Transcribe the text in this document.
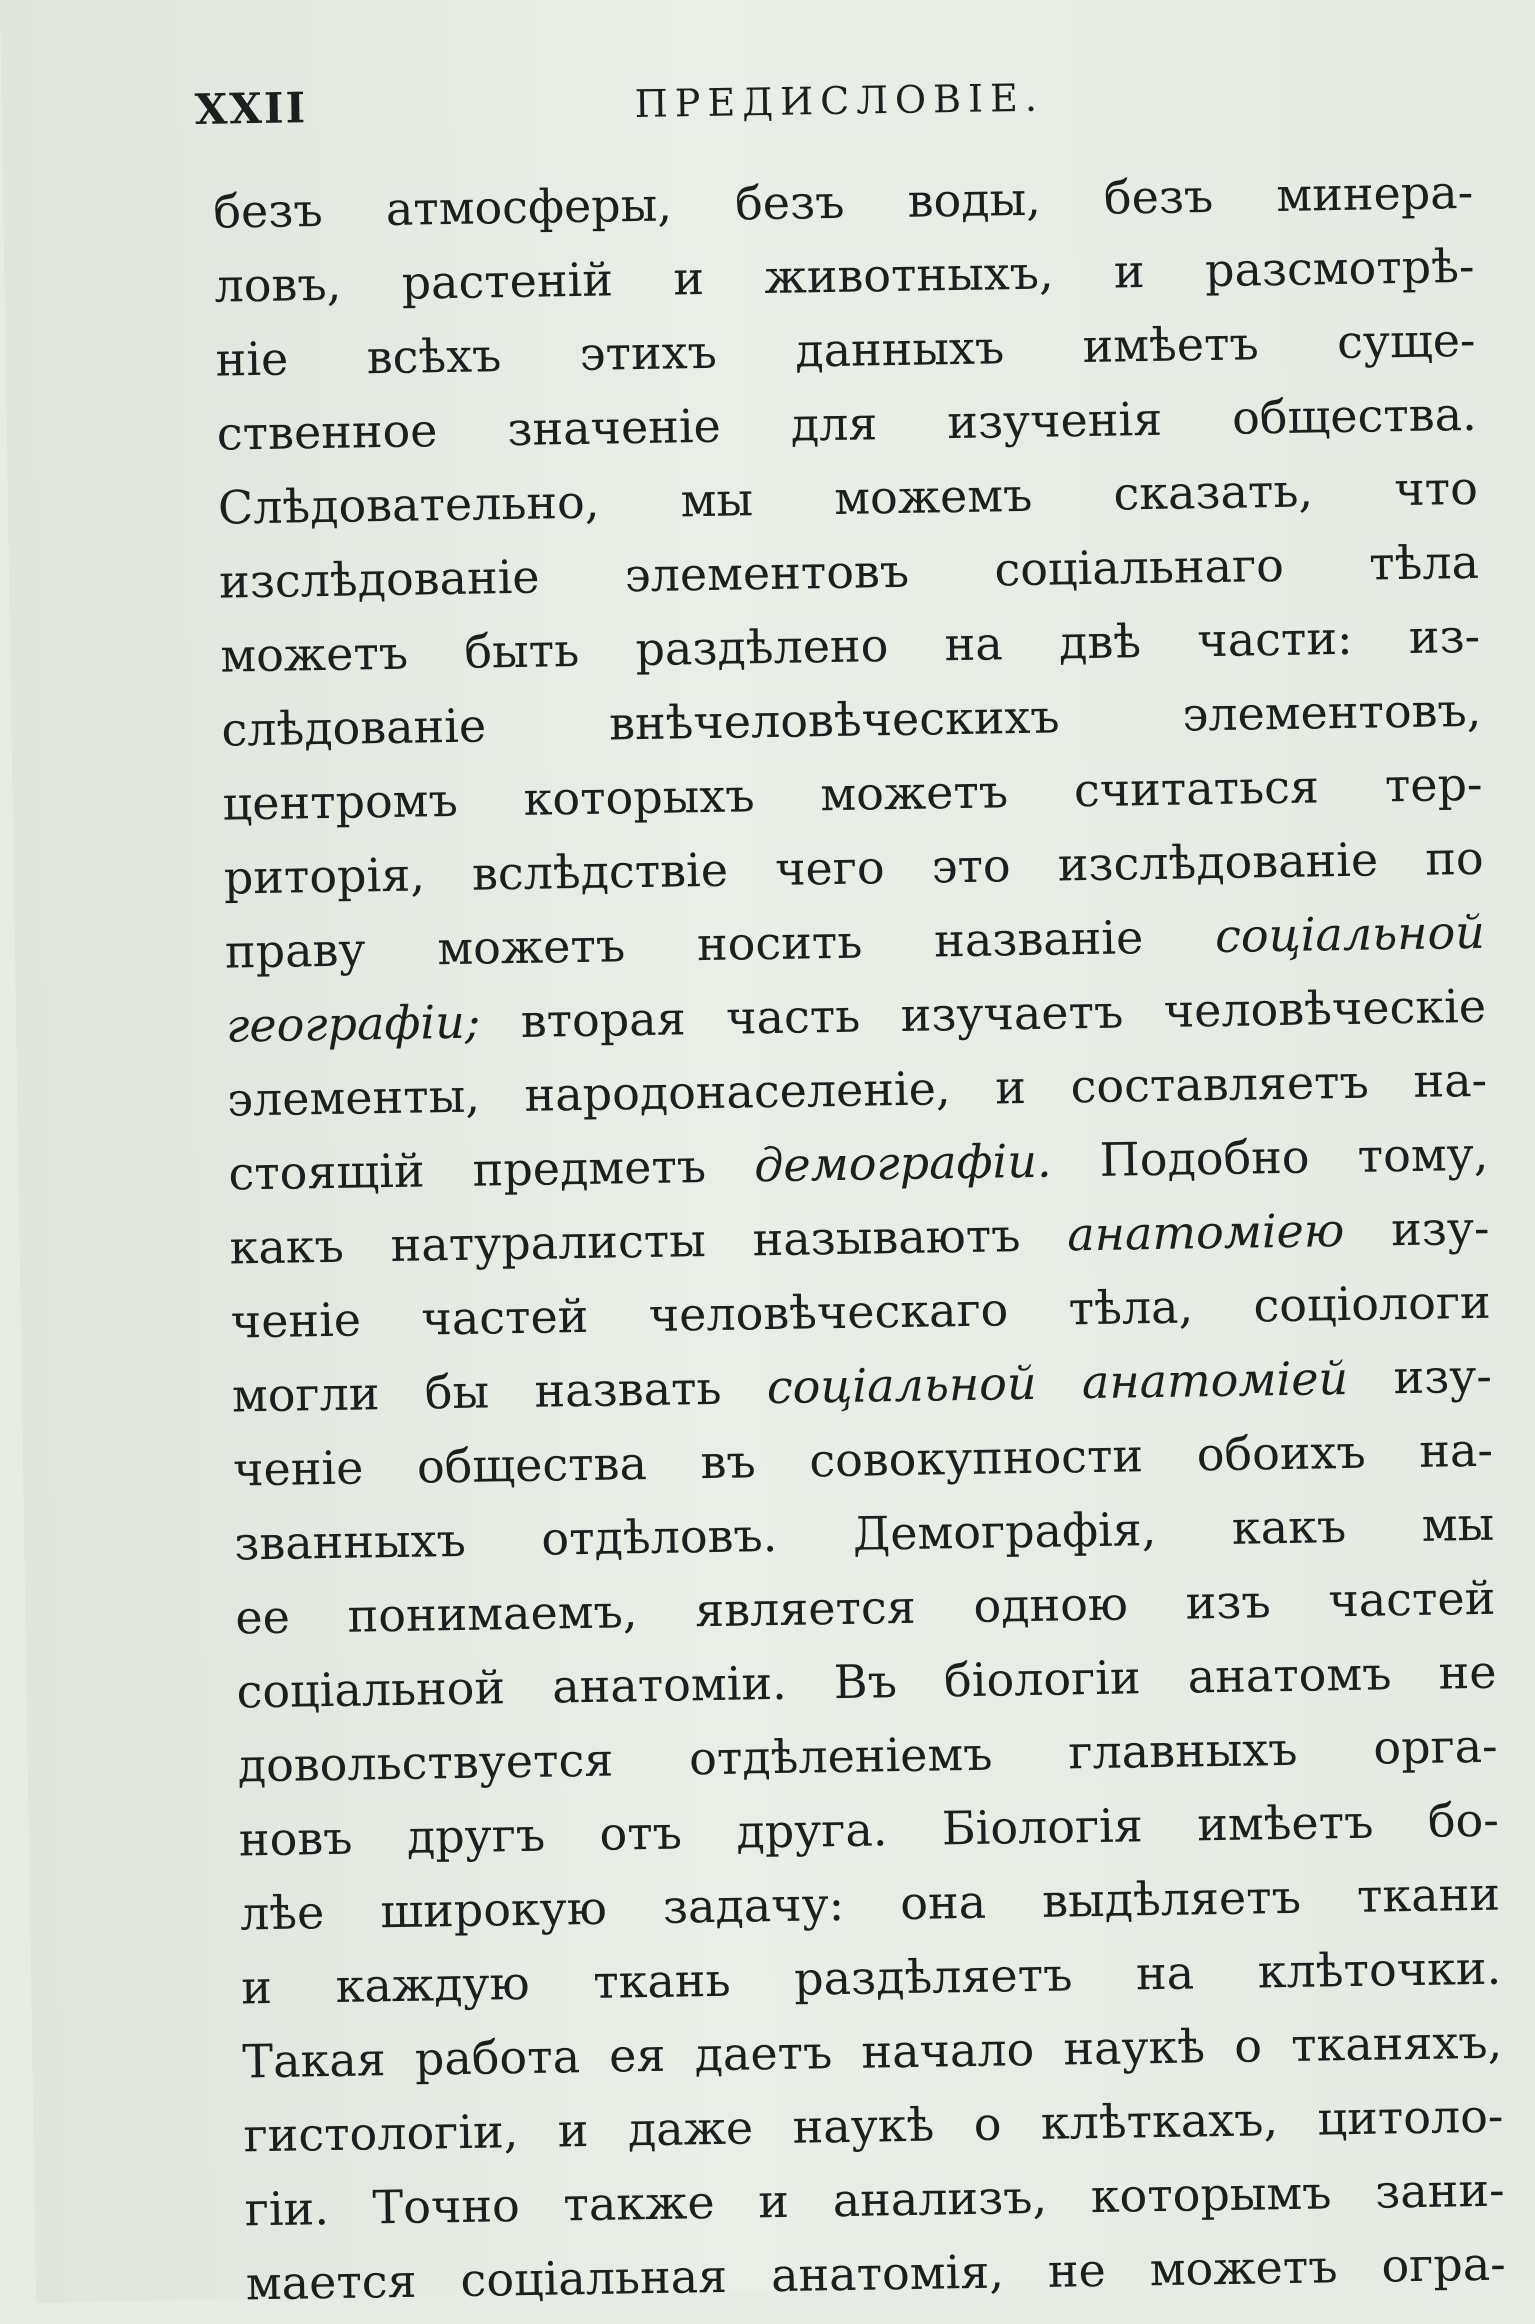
XXII	ПРЕДИСЛОВІЕ.
безъ атмосферы, безъ воды, безъ минера-
ловъ, растеній и животныхъ, и разсмотрѣ-
ніе всѣхъ этихъ данныхъ имѣетъ суще-
ственное значеніе для изученія общества.
Слѣдовательно, мы можемъ сказать, что
изслѣдованіе элементовъ соціальнаго тѣла
можетъ быть раздѣлено на двѣ части: из-
слѣдованіе	внѣчеловѣческихъ	элементовъ,
центромъ которыхъ можетъ считаться тер-
риторія, вслѣдствіе чего это изслѣдованіе по
праву можетъ носить названіе соціальной
географіи; вторая часть изучаетъ человѣческіе
элементы, народонаселеніе, и составляетъ на-
стоящій предметъ демографіи. Подобно тому,
какъ натуралисты называютъ анатоміею изу-
ченіе частей человѣческаго тѣла, соціологи
могли бы назвать соціальной анатоміей изу-
ченіе общества въ совокупности обоихъ на-
званныхъ отдѣловъ. Демографія, какъ мы
ее понимаемъ, является одною изъ частей
соціальной анатоміи. Въ біологіи анатомъ не
довольствуется отдѣленіемъ главныхъ орга-
новъ другъ отъ друга. Біологія имѣетъ бо-
лѣе широкую задачу: она выдѣляетъ ткани
и каждую ткань раздѣляетъ на клѣточки.
Такая работа ея даетъ начало наукѣ о тканяхъ,
гистологіи, и даже наукѣ о клѣткахъ, цитоло-
гіи. Точно также и анализъ, которымъ зани-
мается соціальная анатомія, не можетъ огра-
